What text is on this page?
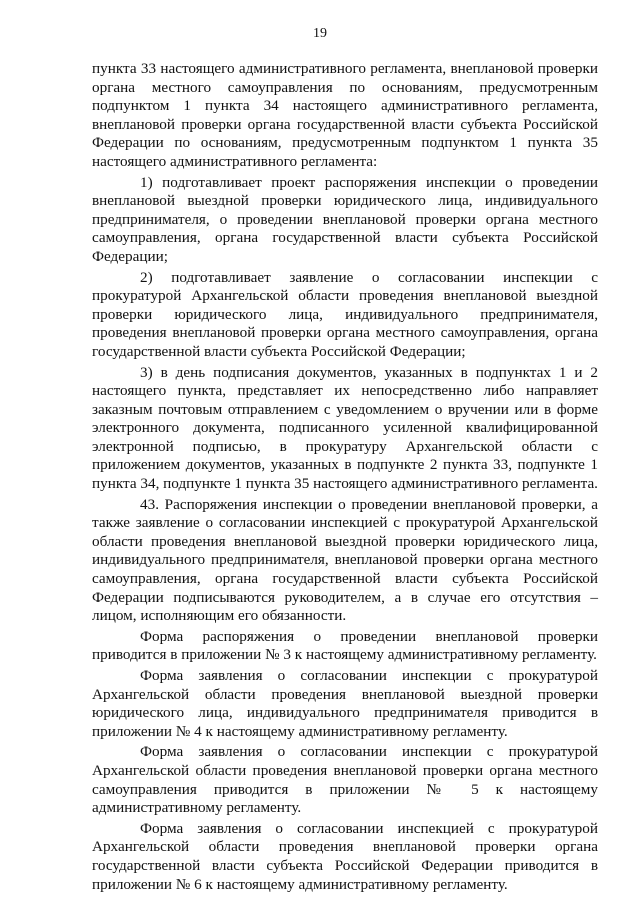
19

пункта 33 настоящего административного регламента, внеплановой проверки органа местного самоуправления по основаниям, предусмотренным подпунктом 1 пункта 34 настоящего административного регламента, внеплановой проверки органа государственной власти субъекта Российской Федерации по основаниям, предусмотренным подпунктом 1 пункта 35 настоящего административного регламента:

1) подготавливает проект распоряжения инспекции о проведении внеплановой выездной проверки юридического лица, индивидуального предпринимателя, о проведении внеплановой проверки органа местного самоуправления, органа государственной власти субъекта Российской Федерации;

2) подготавливает заявление о согласовании инспекции с прокуратурой Архангельской области проведения внеплановой выездной проверки юридического лица, индивидуального предпринимателя, проведения внеплановой проверки органа местного самоуправления, органа государственной власти субъекта Российской Федерации;

3) в день подписания документов, указанных в подпунктах 1 и 2 настоящего пункта, представляет их непосредственно либо направляет заказным почтовым отправлением с уведомлением о вручении или в форме электронного документа, подписанного усиленной квалифицированной электронной подписью, в прокуратуру Архангельской области с приложением документов, указанных в подпункте 2 пункта 33, подпункте 1 пункта 34, подпункте 1 пункта 35 настоящего административного регламента.

43. Распоряжения инспекции о проведении внеплановой проверки, а также заявление о согласовании инспекцией с прокуратурой Архангельской области проведения внеплановой выездной проверки юридического лица, индивидуального предпринимателя, внеплановой проверки органа местного самоуправления, органа государственной власти субъекта Российской Федерации подписываются руководителем, а в случае его отсутствия – лицом, исполняющим его обязанности.

Форма распоряжения о проведении внеплановой проверки приводится в приложении № 3 к настоящему административному регламенту.

Форма заявления о согласовании инспекции с прокуратурой Архангельской области проведения внеплановой выездной проверки юридического лица, индивидуального предпринимателя приводится в приложении № 4 к настоящему административному регламенту.

Форма заявления о согласовании инспекции с прокуратурой Архангельской области проведения внеплановой проверки органа местного самоуправления приводится в приложении № 5 к настоящему административному регламенту.

Форма заявления о согласовании инспекцией с прокуратурой Архангельской области проведения внеплановой проверки органа государственной власти субъекта Российской Федерации приводится в приложении № 6 к настоящему административному регламенту.
